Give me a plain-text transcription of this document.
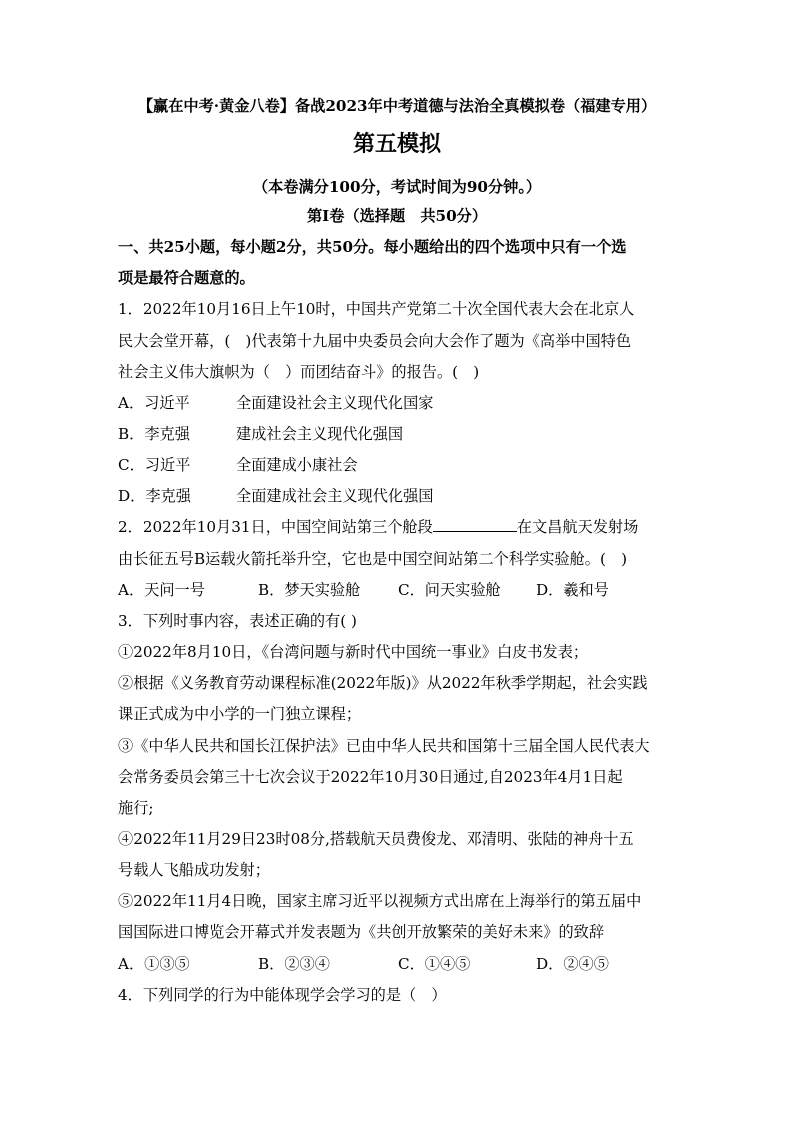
【赢在中考·黄金八卷】备战2023年中考道德与法治全真模拟卷（福建专用）
第五模拟
（本卷满分100分，考试时间为90分钟。）
第I卷（选择题　共50分）
一、共25小题，每小题2分，共50分。每小题给出的四个选项中只有一个选
项是最符合题意的。
1．2022年10月16日上午10时，中国共产党第二十次全国代表大会在北京人
民大会堂开幕，(　)代表第十九届中央委员会向大会作了题为《高举中国特色
社会主义伟大旗帜为（　）而团结奋斗》的报告。(　)
A．习近平	全面建设社会主义现代化国家
B．李克强	建成社会主义现代化强国
C．习近平	全面建成小康社会
D．李克强	全面建成社会主义现代化强国
2．2022年10月31日，中国空间站第三个舱段	在文昌航天发射场
由长征五号B运载火箭托举升空，它也是中国空间站第二个科学实验舱。(　)
A．天问一号	B．梦天实验舱 C．问天实验舱 D．羲和号
3．下列时事内容，表述正确的有( )
①2022年8月10日，《台湾问题与新时代中国统一事业》白皮书发表；
②根据《义务教育劳动课程标准(2022年版)》从2022年秋季学期起，社会实践
课正式成为中小学的一门独立课程；
③《中华人民共和国长江保护法》已由中华人民共和国第十三届全国人民代表大
会常务委员会第三十七次会议于2022年10月30日通过,自2023年4月1日起
施行;
④2022年11月29日23时08分,搭载航天员费俊龙、邓清明、张陆的神舟十五
号载人飞船成功发射；
⑤2022年11月4日晚，国家主席习近平以视频方式出席在上海举行的第五届中
国国际进口博览会开幕式并发表题为《共创开放繁荣的美好未来》的致辞
A．①③⑤	B．②③④	C．①④⑤	D．②④⑤
4．下列同学的行为中能体现学会学习的是（　）
